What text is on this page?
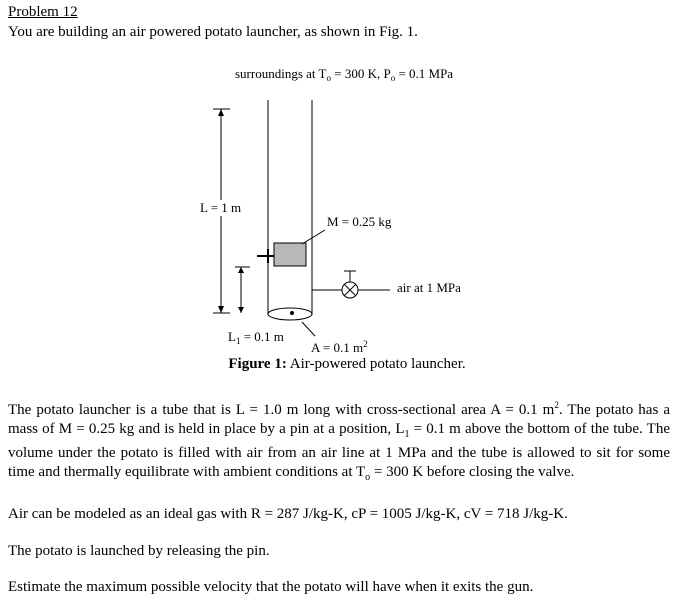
Problem 12
You are building an air powered potato launcher, as shown in Fig. 1.
surroundings at $T_o = 300$ K, $P_o = 0.1$ MPa
L = 1 m
$L_1 = 0.1$ m
M = 0.25 kg
air at 1 MPa
A = 0.1 $m^2$
Figure 1: Air-powered potato launcher.
The potato launcher is a tube that is L = 1.0 m long with cross-sectional area A = 0.1 $m^2$. The potato has a mass of M = 0.25 kg and is held in place by a pin at a position, $L_1 = 0.1$ m above the bottom of the tube. The volume under the potato is filled with air from an air line at 1 MPa and the tube is allowed to sit for some time and thermally equilibrate with ambient conditions at $T_o = 300$ K before closing the valve.
Air can be modeled as an ideal gas with R = 287 J/kg-K, cP = 1005 J/kg-K, cV = 718 J/kg-K.
The potato is launched by releasing the pin.
Estimate the maximum possible velocity that the potato will have when it exits the gun.
